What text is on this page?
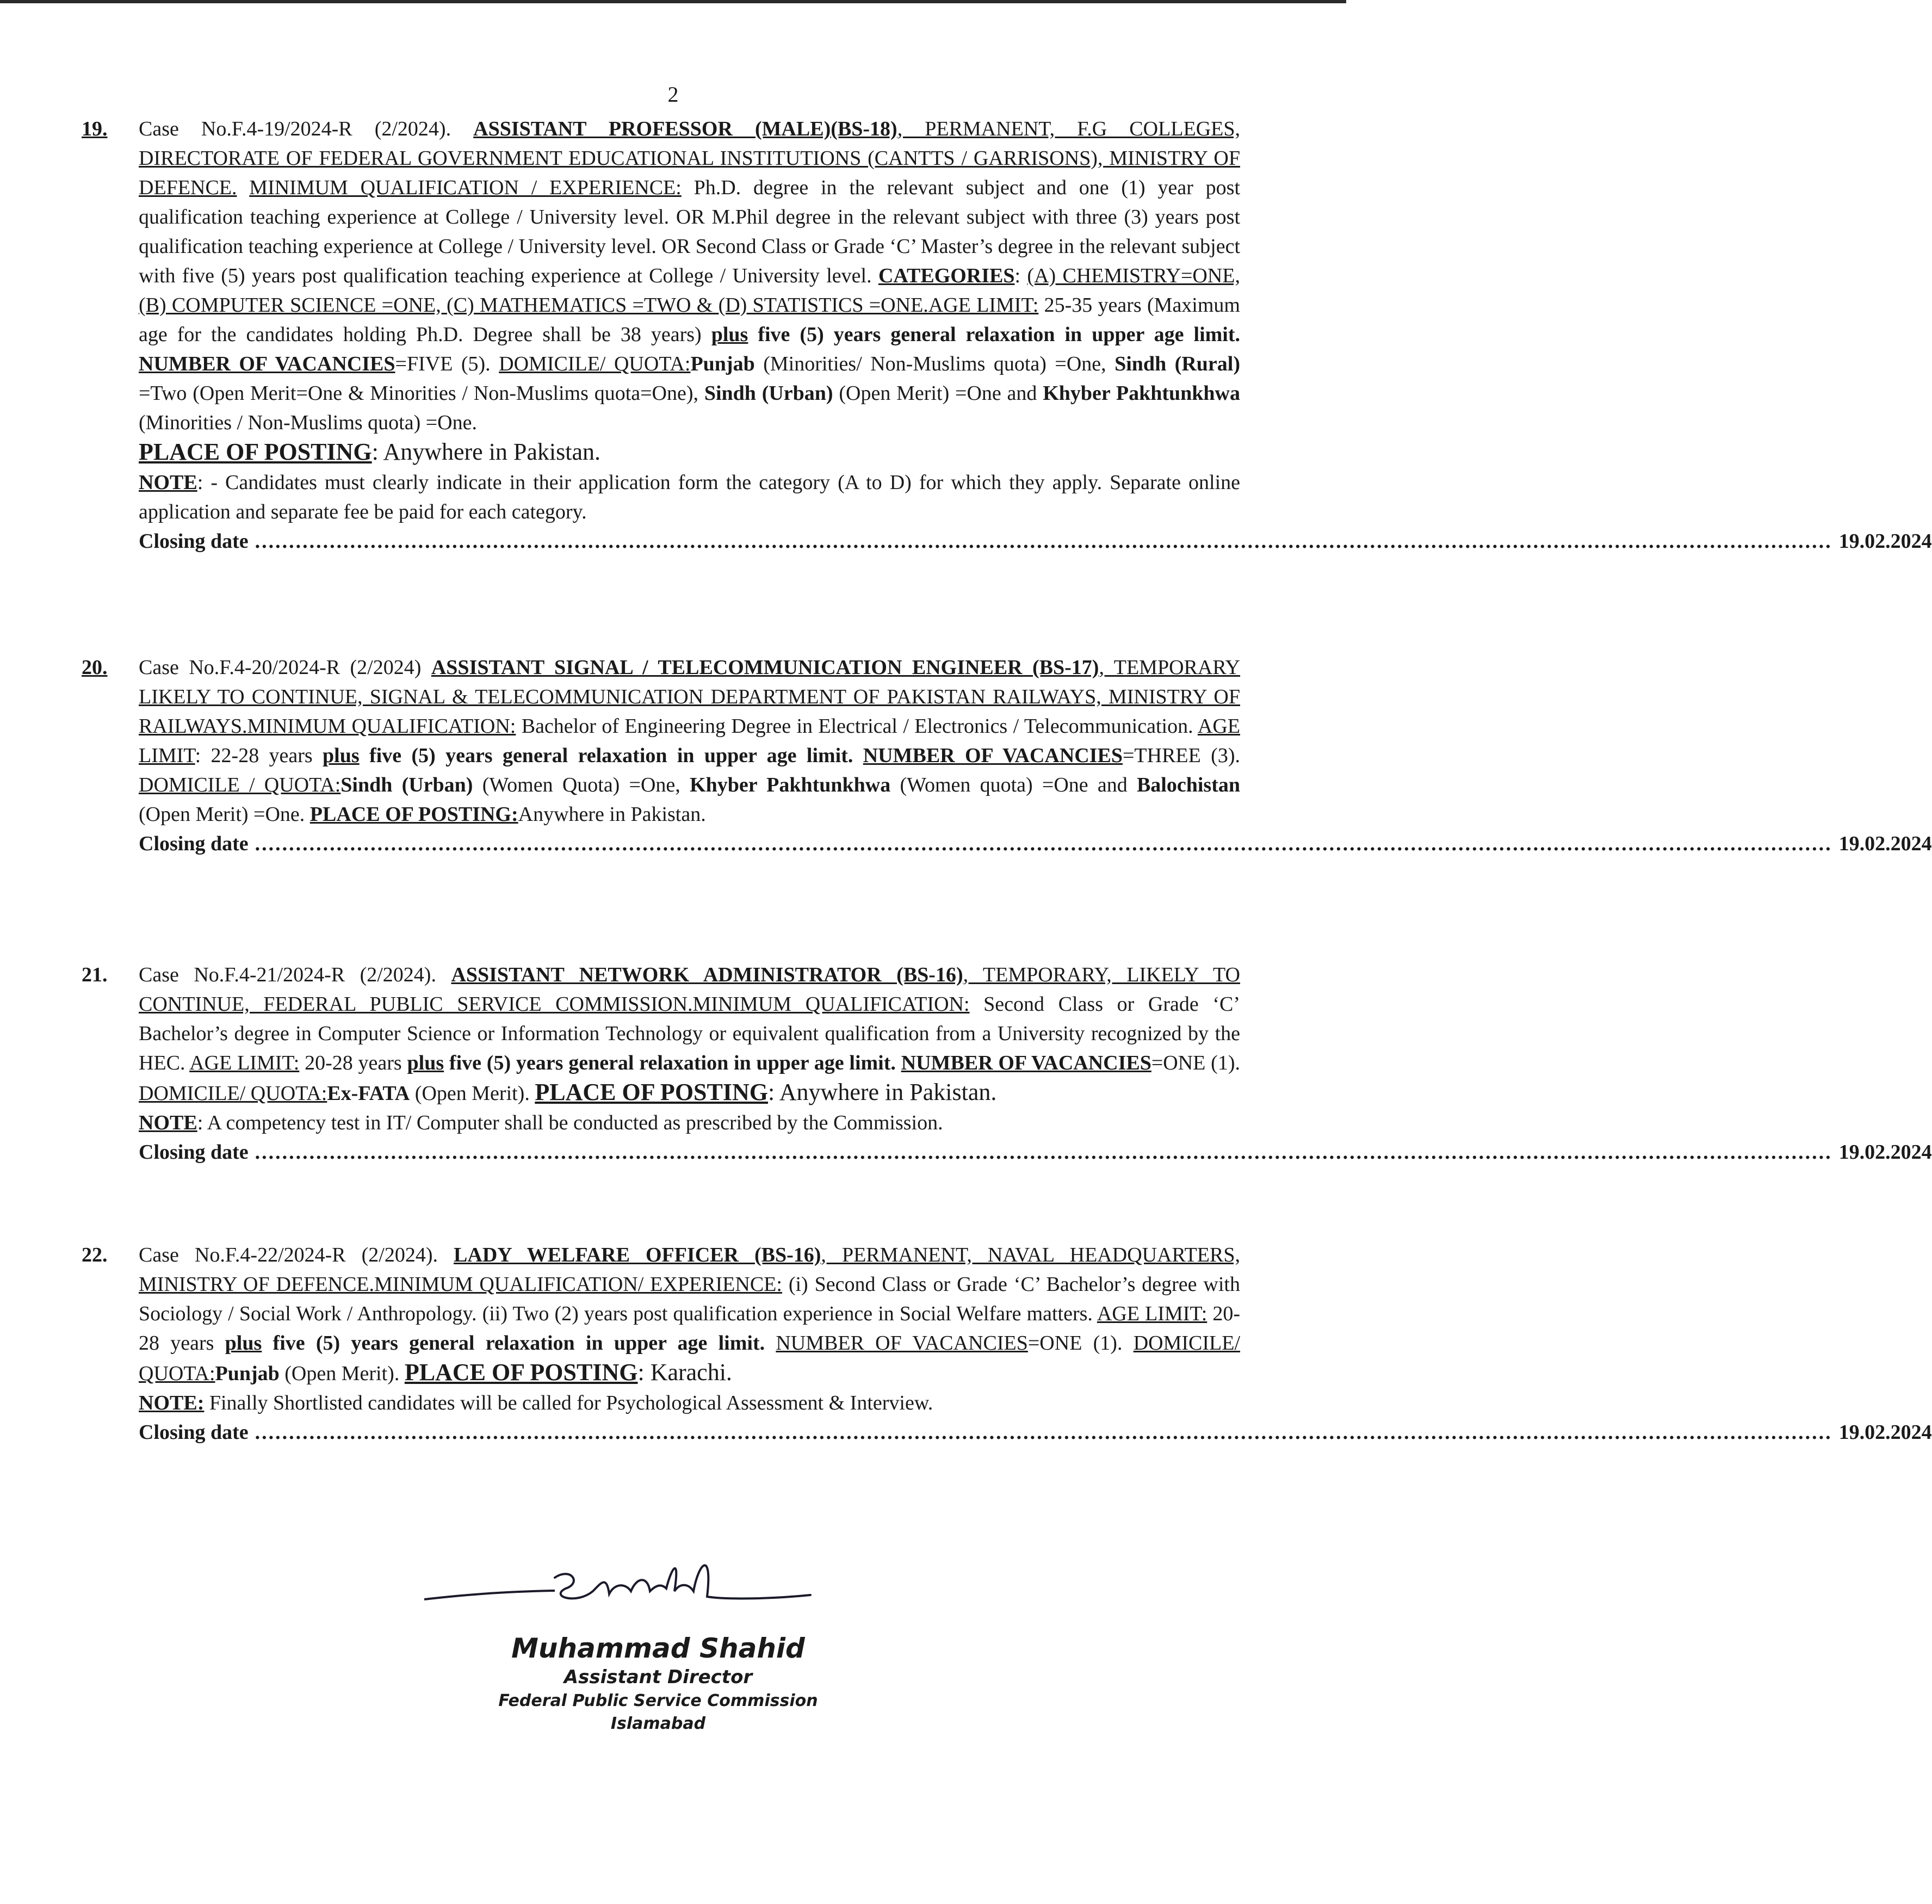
2
19. Case No.F.4-19/2024-R (2/2024). ASSISTANT PROFESSOR (MALE)(BS-18), PERMANENT, F.G COLLEGES, DIRECTORATE OF FEDERAL GOVERNMENT EDUCATIONAL INSTITUTIONS (CANTTS / GARRISONS), MINISTRY OF DEFENCE. MINIMUM QUALIFICATION / EXPERIENCE: Ph.D. degree in the relevant subject and one (1) year post qualification teaching experience at College / University level. OR M.Phil degree in the relevant subject with three (3) years post qualification teaching experience at College / University level. OR Second Class or Grade ‘C’ Master’s degree in the relevant subject with five (5) years post qualification teaching experience at College / University level. CATEGORIES: (A) CHEMISTRY=ONE, (B) COMPUTER SCIENCE =ONE, (C) MATHEMATICS =TWO & (D) STATISTICS =ONE.AGE LIMIT: 25-35 years (Maximum age for the candidates holding Ph.D. Degree shall be 38 years) plus five (5) years general relaxation in upper age limit. NUMBER OF VACANCIES=FIVE (5). DOMICILE/ QUOTA:Punjab (Minorities/ Non-Muslims quota) =One, Sindh (Rural) =Two (Open Merit=One & Minorities / Non-Muslims quota=One), Sindh (Urban) (Open Merit) =One and Khyber Pakhtunkhwa (Minorities / Non-Muslims quota) =One.
PLACE OF POSTING: Anywhere in Pakistan.
NOTE: - Candidates must clearly indicate in their application form the category (A to D) for which they apply. Separate online application and separate fee be paid for each category.
Closing date ........................................................................................................................................................................................................................................ 19.02.2024
20. Case No.F.4-20/2024-R (2/2024) ASSISTANT SIGNAL / TELECOMMUNICATION ENGINEER (BS-17), TEMPORARY LIKELY TO CONTINUE, SIGNAL & TELECOMMUNICATION DEPARTMENT OF PAKISTAN RAILWAYS, MINISTRY OF RAILWAYS.MINIMUM QUALIFICATION: Bachelor of Engineering Degree in Electrical / Electronics / Telecommunication. AGE LIMIT: 22-28 years plus five (5) years general relaxation in upper age limit. NUMBER OF VACANCIES=THREE (3). DOMICILE / QUOTA:Sindh (Urban) (Women Quota) =One, Khyber Pakhtunkhwa (Women quota) =One and Balochistan (Open Merit) =One. PLACE OF POSTING:Anywhere in Pakistan.
Closing date ........................................................................................................................................................................................................................................ 19.02.2024
21. Case No.F.4-21/2024-R (2/2024). ASSISTANT NETWORK ADMINISTRATOR (BS-16), TEMPORARY, LIKELY TO CONTINUE, FEDERAL PUBLIC SERVICE COMMISSION.MINIMUM QUALIFICATION: Second Class or Grade ‘C’ Bachelor’s degree in Computer Science or Information Technology or equivalent qualification from a University recognized by the HEC. AGE LIMIT: 20-28 years plus five (5) years general relaxation in upper age limit. NUMBER OF VACANCIES=ONE (1). DOMICILE/ QUOTA:Ex-FATA (Open Merit). PLACE OF POSTING: Anywhere in Pakistan.
NOTE: A competency test in IT/ Computer shall be conducted as prescribed by the Commission.
Closing date ........................................................................................................................................................................................................................................ 19.02.2024
22. Case No.F.4-22/2024-R (2/2024). LADY WELFARE OFFICER (BS-16), PERMANENT, NAVAL HEADQUARTERS, MINISTRY OF DEFENCE.MINIMUM QUALIFICATION/ EXPERIENCE: (i) Second Class or Grade ‘C’ Bachelor’s degree with Sociology / Social Work / Anthropology. (ii) Two (2) years post qualification experience in Social Welfare matters. AGE LIMIT: 20-28 years plus five (5) years general relaxation in upper age limit. NUMBER OF VACANCIES=ONE (1). DOMICILE/ QUOTA:Punjab (Open Merit). PLACE OF POSTING: Karachi.
NOTE: Finally Shortlisted candidates will be called for Psychological Assessment & Interview.
Closing date ........................................................................................................................................................................................................................................ 19.02.2024
Muhammad Shahid
Assistant Director
Federal Public Service Commission
Islamabad
